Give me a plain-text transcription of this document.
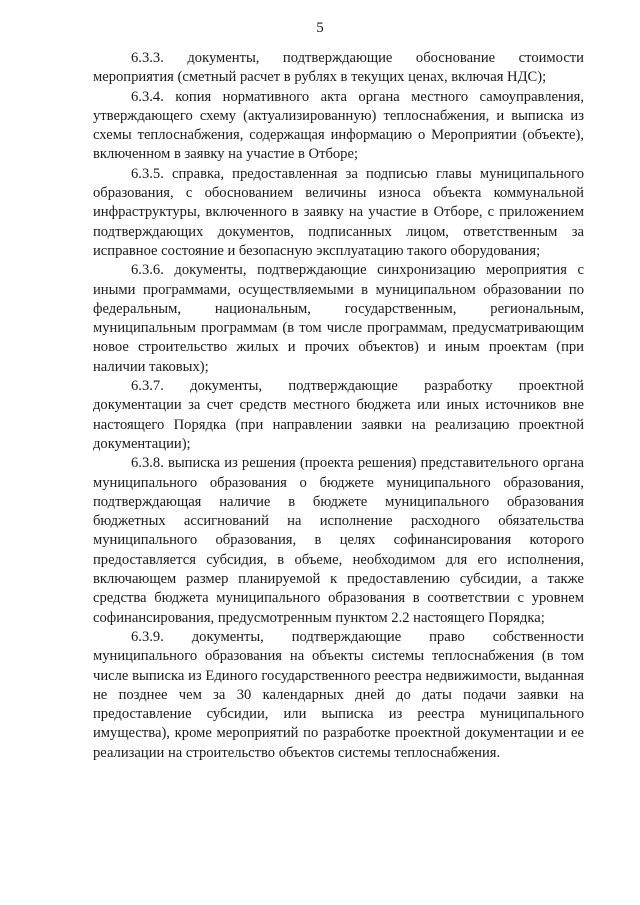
5

6.3.3. документы, подтверждающие обоснование стоимости мероприятия (сметный расчет в рублях в текущих ценах, включая НДС);

6.3.4. копия нормативного акта органа местного самоуправления, утверждающего схему (актуализированную) теплоснабжения, и выписка из схемы теплоснабжения, содержащая информацию о Мероприятии (объекте), включенном в заявку на участие в Отборе;

6.3.5. справка, предоставленная за подписью главы муниципального образования, с обоснованием величины износа объекта коммунальной инфраструктуры, включенного в заявку на участие в Отборе, с приложением подтверждающих документов, подписанных лицом, ответственным за исправное состояние и безопасную эксплуатацию такого оборудования;

6.3.6. документы, подтверждающие синхронизацию мероприятия с иными программами, осуществляемыми в муниципальном образовании по федеральным, национальным, государственным, региональным, муниципальным программам (в том числе программам, предусматривающим новое строительство жилых и прочих объектов) и иным проектам (при наличии таковых);

6.3.7. документы, подтверждающие разработку проектной документации за счет средств местного бюджета или иных источников вне настоящего Порядка (при направлении заявки на реализацию проектной документации);

6.3.8. выписка из решения (проекта решения) представительного органа муниципального образования о бюджете муниципального образования, подтверждающая наличие в бюджете муниципального образования бюджетных ассигнований на исполнение расходного обязательства муниципального образования, в целях софинансирования которого предоставляется субсидия, в объеме, необходимом для его исполнения, включающем размер планируемой к предоставлению субсидии, а также средства бюджета муниципального образования в соответствии с уровнем софинансирования, предусмотренным пунктом 2.2 настоящего Порядка;

6.3.9. документы, подтверждающие право собственности муниципального образования на объекты системы теплоснабжения (в том числе выписка из Единого государственного реестра недвижимости, выданная не позднее чем за 30 календарных дней до даты подачи заявки на предоставление субсидии, или выписка из реестра муниципального имущества), кроме мероприятий по разработке проектной документации и ее реализации на строительство объектов системы теплоснабжения.
